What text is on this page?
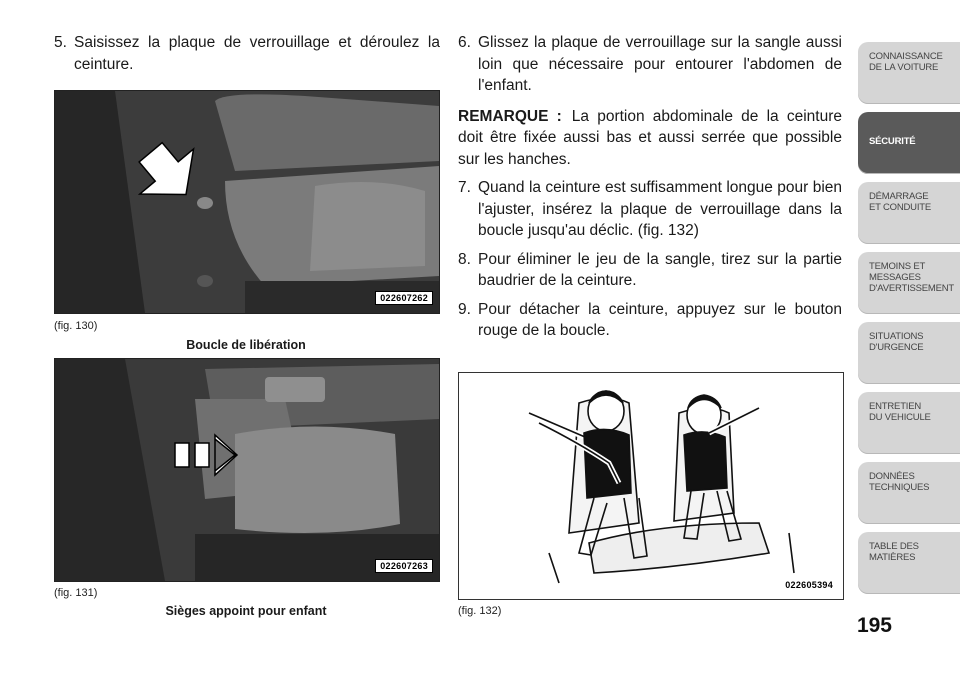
5. Saisissez la plaque de verrouillage et déroulez la ceinture.
022607262
(fig. 130)
Boucle de libération
022607263
(fig. 131)
Sièges appoint pour enfant
6. Glissez la plaque de verrouillage sur la sangle aussi loin que nécessaire pour entourer l'abdomen de l'enfant.
REMARQUE : La portion abdominale de la ceinture doit être fixée aussi bas et aussi serrée que possible sur les hanches.
7. Quand la ceinture est suffisamment longue pour bien l'ajuster, insérez la plaque de verrouillage dans la boucle jusqu'au déclic. (fig. 132)
8. Pour éliminer le jeu de la sangle, tirez sur la partie baudrier de la ceinture.
9. Pour détacher la ceinture, appuyez sur le bouton rouge de la boucle.
022605394
(fig. 132)
CONNAISSANCE
DE LA VOITURE
SÉCURITÉ
DÉMARRAGE
ET CONDUITE
TEMOINS ET
MESSAGES
D'AVERTISSEMENT
SITUATIONS
D'URGENCE
ENTRETIEN
DU VEHICULE
DONNÉES
TECHNIQUES
TABLE DES
MATIÈRES
195
